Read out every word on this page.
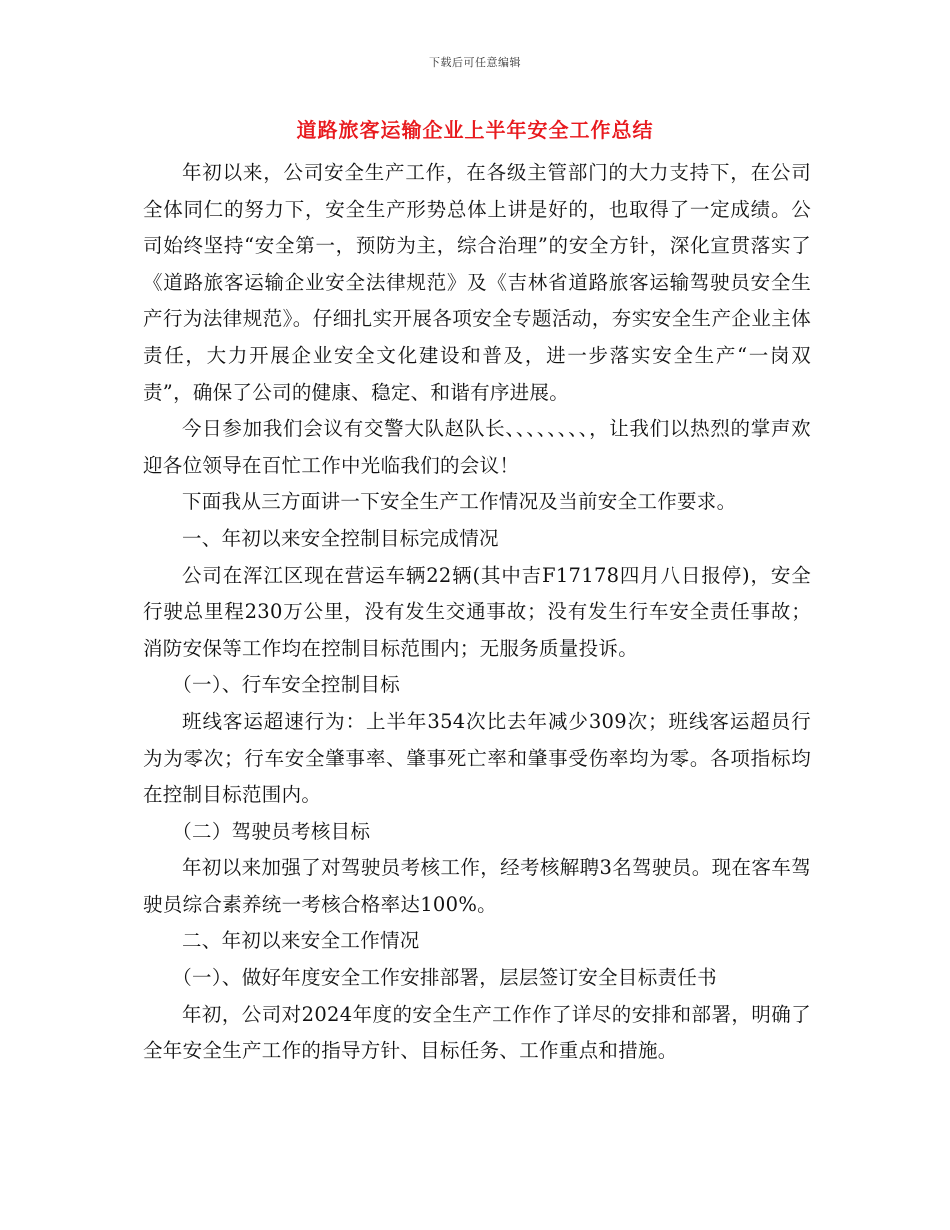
下载后可任意编辑
道路旅客运输企业上半年安全工作总结

年初以来，公司安全生产工作，在各级主管部门的大力支持下，在公司全体同仁的努力下，安全生产形势总体上讲是好的，也取得了一定成绩。公司始终坚持“安全第一，预防为主，综合治理”的安全方针，深化宣贯落实了《道路旅客运输企业安全法律规范》及《吉林省道路旅客运输驾驶员安全生产行为法律规范》。仔细扎实开展各项安全专题活动，夯实安全生产企业主体责任，大力开展企业安全文化建设和普及，进一步落实安全生产“一岗双责”，确保了公司的健康、稳定、和谐有序进展。

今日参加我们会议有交警大队赵队长、、、、、、、、，让我们以热烈的掌声欢迎各位领导在百忙工作中光临我们的会议！

下面我从三方面讲一下安全生产工作情况及当前安全工作要求。

一、年初以来安全控制目标完成情况

公司在浑江区现在营运车辆22辆(其中吉F17178四月八日报停)，安全行驶总里程230万公里，没有发生交通事故；没有发生行车安全责任事故；消防安保等工作均在控制目标范围内；无服务质量投诉。

（一）、行车安全控制目标

班线客运超速行为：上半年354次比去年减少309次；班线客运超员行为为零次；行车安全肇事率、肇事死亡率和肇事受伤率均为零。各项指标均在控制目标范围内。

（二）驾驶员考核目标

年初以来加强了对驾驶员考核工作，经考核解聘3名驾驶员。现在客车驾驶员综合素养统一考核合格率达100%。

二、年初以来安全工作情况

（一）、做好年度安全工作安排部署，层层签订安全目标责任书

年初，公司对2024年度的安全生产工作作了详尽的安排和部署，明确了全年安全生产工作的指导方针、目标任务、工作重点和措施。
